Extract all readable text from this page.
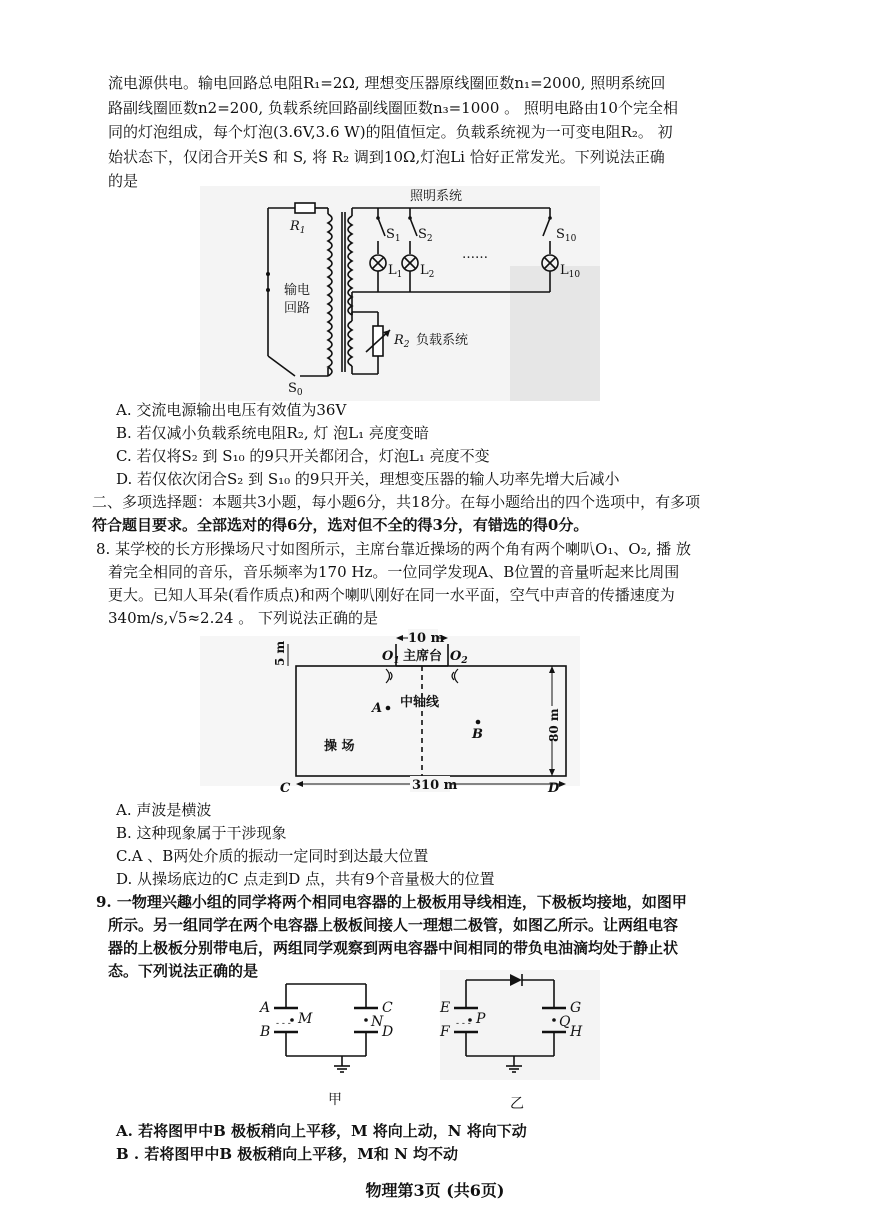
流电源供电。输电回路总电阻R₁=2Ω, 理想变压器原线圈匝数n₁=2000, 照明系统回
路副线圈匝数n2=200, 负载系统回路副线圈匝数n₃=1000 。 照明电路由10个完全相
同的灯泡组成，每个灯泡(3.6V,3.6 W)的阻值恒定。负载系统视为一可变电阻R₂。 初
始状态下，仅闭合开关S 和 S, 将 R₂ 调到10Ω,灯泡Li 恰好正常发光。下列说法正确
的是
照明系统
$R_1$
输电
回路
$S_0$
$S_1$ $S_2$	$S_{10}$
$L_1$ $L_2$	$L_{10}$
……
$R_2$ 负载系统
A. 交流电源输出电压有效值为36V
B. 若仅减小负载系统电阻R₂, 灯 泡L₁ 亮度变暗
C. 若仅将S₂ 到 S₁₀ 的9只开关都闭合，灯泡L₁ 亮度不变
D. 若仅依次闭合S₂ 到 S₁₀ 的9只开关，理想变压器的输人功率先增大后减小
二、多项选择题：本题共3小题，每小题6分，共18分。在每小题给出的四个选项中，有多项
符合题目要求。全部选对的得6分，选对但不全的得3分，有错选的得0分。
8. 某学校的长方形操场尺寸如图所示，主席台靠近操场的两个角有两个喇叭O₁、O₂, 播 放
着完全相同的音乐，音乐频率为170 Hz。一位同学发现A、B位置的音量听起来比周围
更大。已知人耳朵(看作质点)和两个喇叭刚好在同一水平面，空气中声音的传播速度为
340m/s,√5≈2.24 。 下列说法正确的是
10 m
5 m	$O_1$ 主席台 $O_2$
A
B
中轴线
操 场
80 m
310 m
C	D
A. 声波是横波
B. 这种现象属于干涉现象
C.A 、B两处介质的振动一定同时到达最大位置
D. 从操场底边的C 点走到D 点，共有9个音量极大的位置
9. 一物理兴趣小组的同学将两个相同电容器的上极板用导线相连，下极板均接地，如图甲
所示。另一组同学在两个电容器上极板间接人一理想二极管，如图乙所示。让两组电容
器的上极板分别带电后，两组同学观察到两电容器中间相同的带负电油滴均处于静止状
态。下列说法正确的是
- - -	- - -
A
B
M
C
D
N
E
F
P
G
H
Q
甲	乙
A. 若将图甲中B 极板稍向上平移，M 将向上动，N 将向下动
B . 若将图甲中B 极板稍向上平移，M和 N 均不动
物理第3页 (共6页)
